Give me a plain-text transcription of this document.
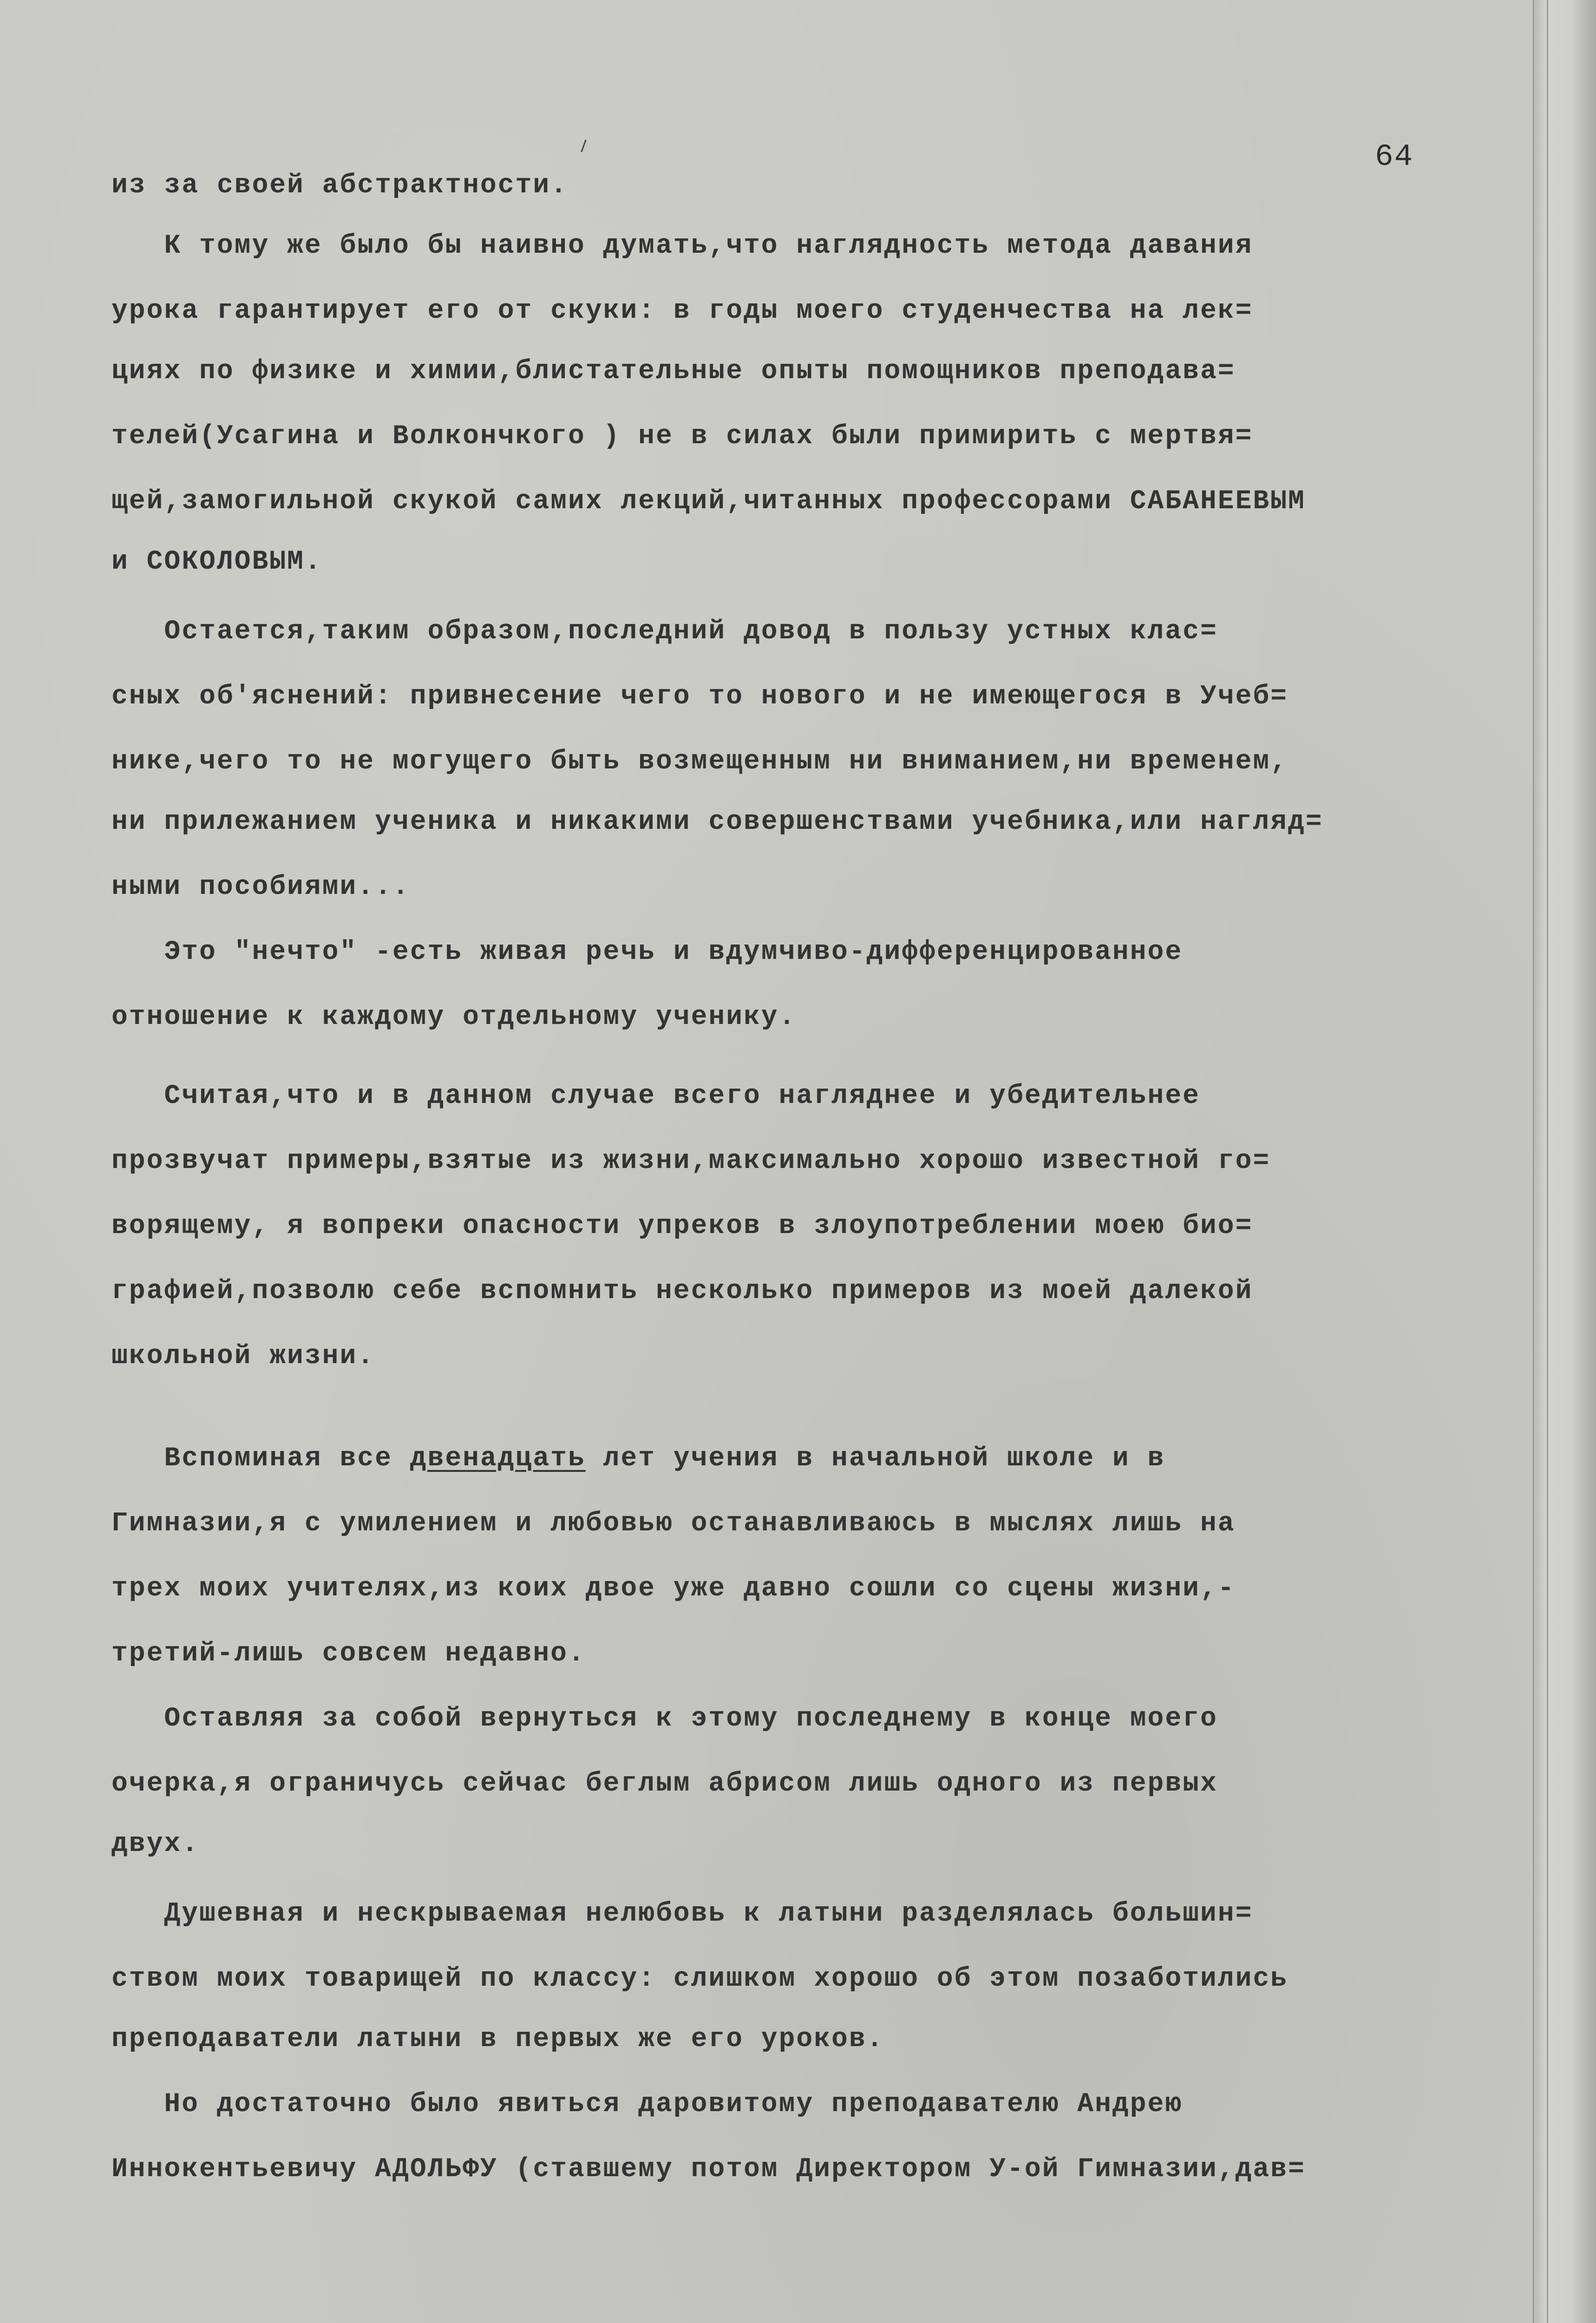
64
из за своей абстрактности.
К тому же было бы наивно думать,что наглядность метода давания
урока гарантирует его от скуки: в годы моего студенчества на лек=
циях по физике и химии,блистательные опыты помощников преподава=
телей(Усагина и Волкончкого ) не в силах были примирить с мертвя=
щей,замогильной скукой самих лекций,читанных профессорами САБАНЕЕВЫМ
и СОКОЛОВЫМ.
Остается,таким образом,последний довод в пользу устных клас=
сных об'яснений: привнесение чего то нового и не имеющегося в Учеб=
нике,чего то не могущего быть возмещенным ни вниманием,ни временем,
ни прилежанием ученика и никакими совершенствами учебника,или нагляд=
ными пособиями...
Это "нечто" -есть живая речь и вдумчиво-дифференцированное
отношение к каждому отдельному ученику.
Считая,что и в данном случае всего нагляднее и убедительнее
прозвучат примеры,взятые из жизни,максимально хорошо известной го=
ворящему, я вопреки опасности упреков в злоупотреблении моею био=
графией,позволю себе вспомнить несколько примеров из моей далекой
школьной жизни.
Вспоминая все двенадцать лет учения в начальной школе и в
Гимназии,я с умилением и любовью останавливаюсь в мыслях лишь на
трех моих учителях,из коих двое уже давно сошли со сцены жизни,-
третий-лишь совсем недавно.
Оставляя за собой вернуться к этому последнему в конце моего
очерка,я ограничусь сейчас беглым абрисом лишь одного из первых
двух.
Душевная и нескрываемая нелюбовь к латыни разделялась большин=
ством моих товарищей по классу: слишком хорошо об этом позаботились
преподаватели латыни в первых же его уроков.
Но достаточно было явиться даровитому преподавателю Андрею
Иннокентьевичу АДОЛЬФУ (ставшему потом Директором У-ой Гимназии,дав=
